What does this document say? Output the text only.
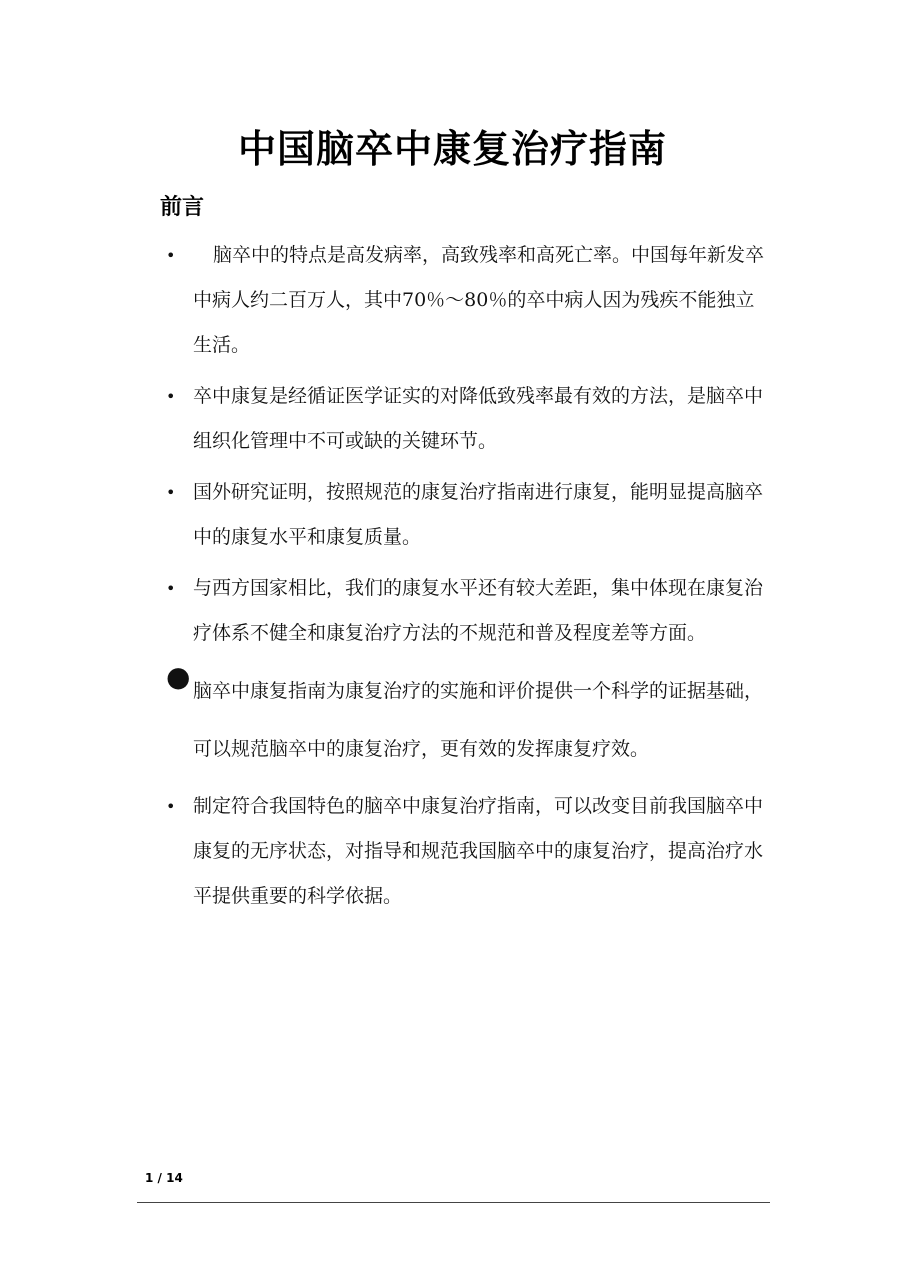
中国脑卒中康复治疗指南
前言
•	脑卒中的特点是高发病率，高致残率和高死亡率。中国每年新发卒中病人约二百万人，其中70％～80％的卒中病人因为残疾不能独立生活。
• 卒中康复是经循证医学证实的对降低致残率最有效的方法，是脑卒中组织化管理中不可或缺的关键环节。
• 国外研究证明，按照规范的康复治疗指南进行康复，能明显提高脑卒中的康复水平和康复质量。
• 与西方国家相比，我们的康复水平还有较大差距，集中体现在康复治疗体系不健全和康复治疗方法的不规范和普及程度差等方面。
● 脑卒中康复指南为康复治疗的实施和评价提供一个科学的证据基础，可以规范脑卒中的康复治疗，更有效的发挥康复疗效。
• 制定符合我国特色的脑卒中康复治疗指南，可以改变目前我国脑卒中康复的无序状态，对指导和规范我国脑卒中的康复治疗，提高治疗水平提供重要的科学依据。
1 / 14
